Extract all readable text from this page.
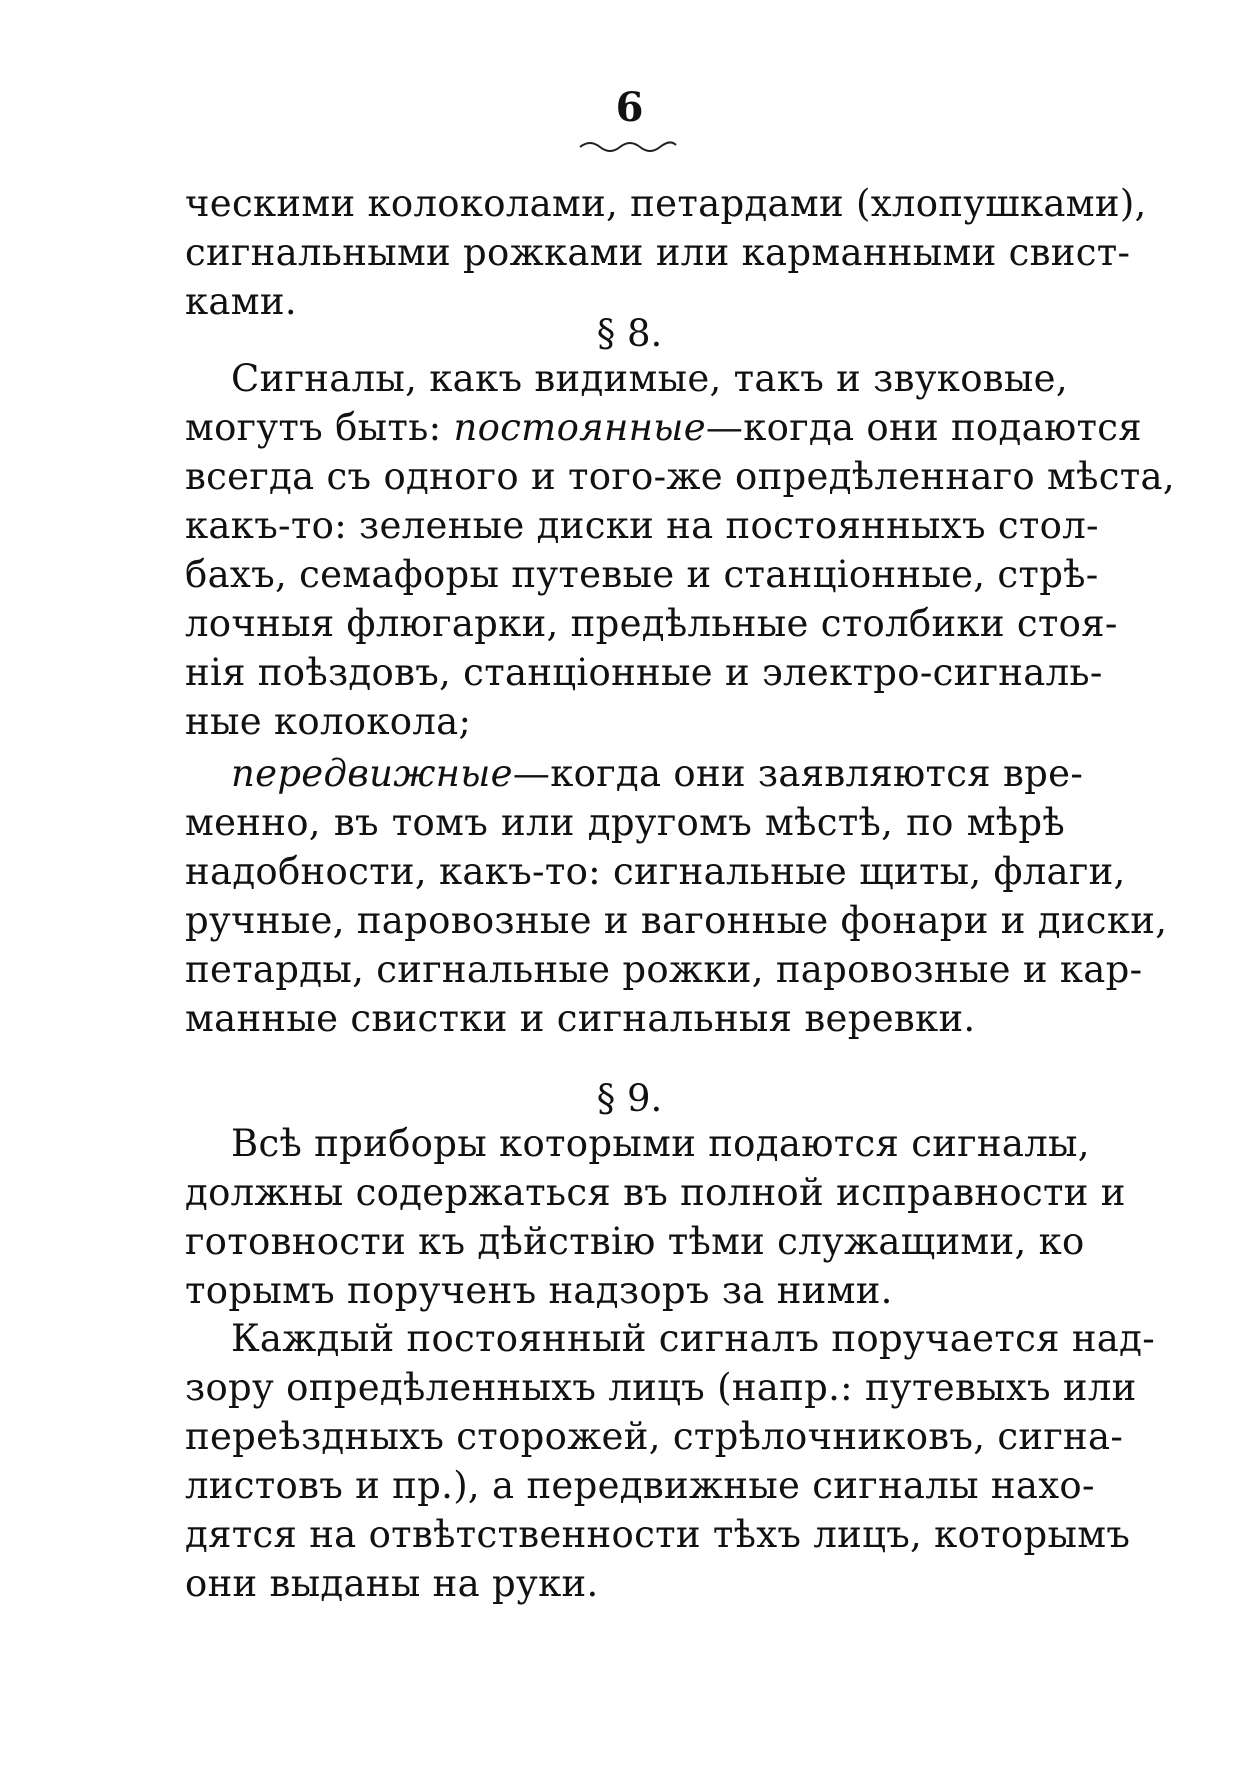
6
ческими колоколами, петардами (хлопушками),
сигнальными рожками или карманными свист-
ками.
§ 8.
Сигналы, какъ видимые, такъ и звуковые,
могутъ быть: постоянные—когда они подаются
всегда съ одного и того-же опредѣленнаго мѣста,
какъ-то: зеленые диски на постоянныхъ стол-
бахъ, семафоры путевые и станціонные, стрѣ-
лочныя флюгарки, предѣльные столбики стоя-
нія поѣздовъ, станціонные и электро-сигналь-
ные колокола;
передвижные—когда они заявляются вре-
менно, въ томъ или другомъ мѣстѣ, по мѣрѣ
надобности, какъ-то: сигнальные щиты, флаги,
ручные, паровозные и вагонные фонари и диски,
петарды, сигнальные рожки, паровозные и кар-
манные свистки и сигнальныя веревки.
§ 9.
Всѣ приборы которыми подаются сигналы,
должны содержаться въ полной исправности и
готовности къ дѣйствію тѣми служащими, ко
торымъ порученъ надзоръ за ними.
Каждый постоянный сигналъ поручается над-
зору опредѣленныхъ лицъ (напр.: путевыхъ или
переѣздныхъ сторожей, стрѣлочниковъ, сигна-
листовъ и пр.), а передвижные сигналы нахо-
дятся на отвѣтственности тѣхъ лицъ, которымъ
они выданы на руки.
